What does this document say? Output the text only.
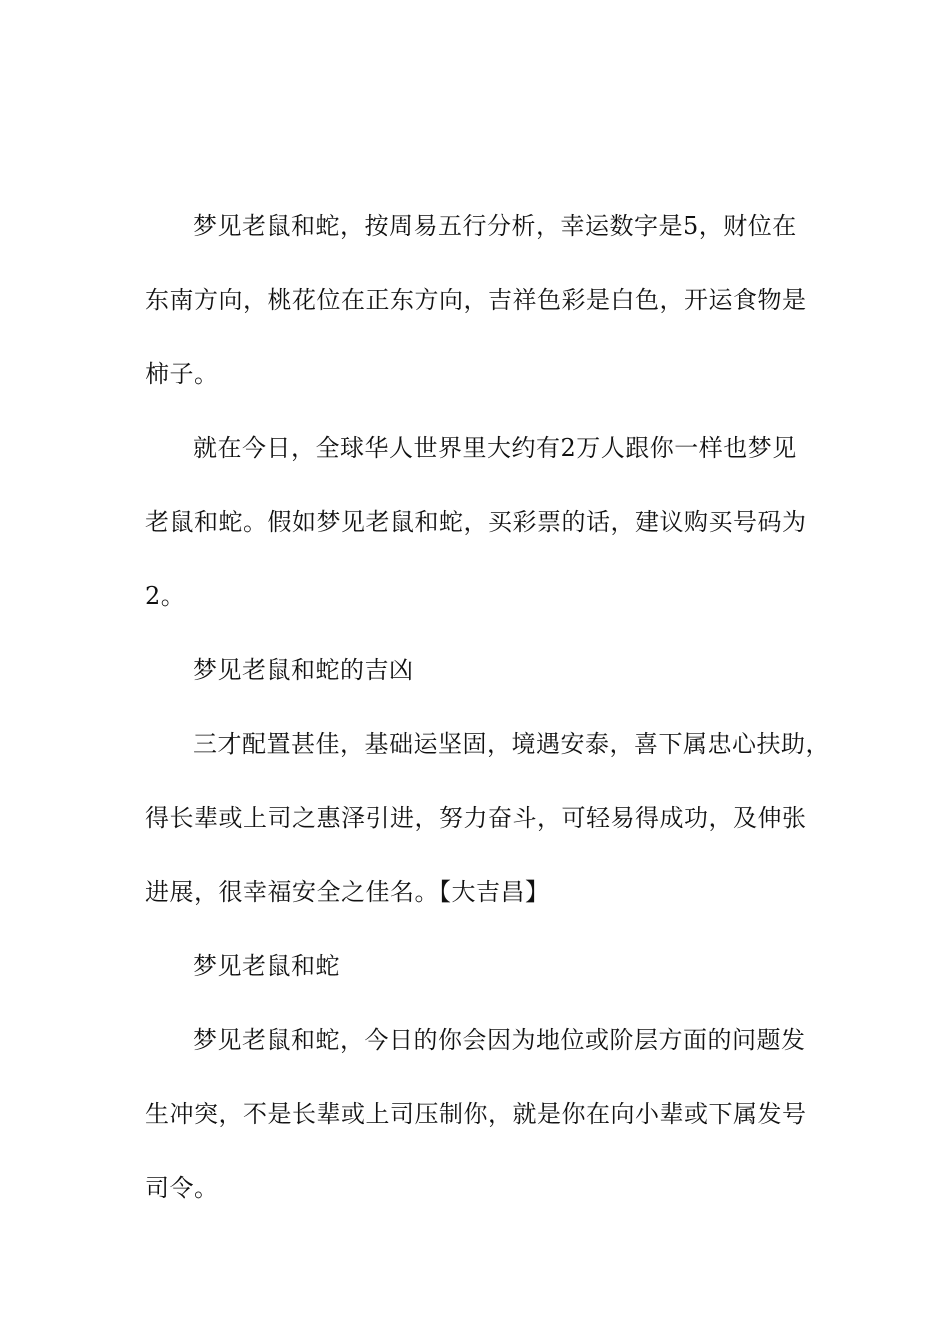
梦见老鼠和蛇，按周易五行分析，幸运数字是5，财位在
东南方向，桃花位在正东方向，吉祥色彩是白色，开运食物是
柿子。
就在今日，全球华人世界里大约有2万人跟你一样也梦见
老鼠和蛇。假如梦见老鼠和蛇，买彩票的话，建议购买号码为
2。
梦见老鼠和蛇的吉凶
三才配置甚佳，基础运坚固，境遇安泰，喜下属忠心扶助，
得长辈或上司之惠泽引进，努力奋斗，可轻易得成功，及伸张
进展，很幸福安全之佳名。【大吉昌】
梦见老鼠和蛇
梦见老鼠和蛇，今日的你会因为地位或阶层方面的问题发
生冲突，不是长辈或上司压制你，就是你在向小辈或下属发号
司令。
